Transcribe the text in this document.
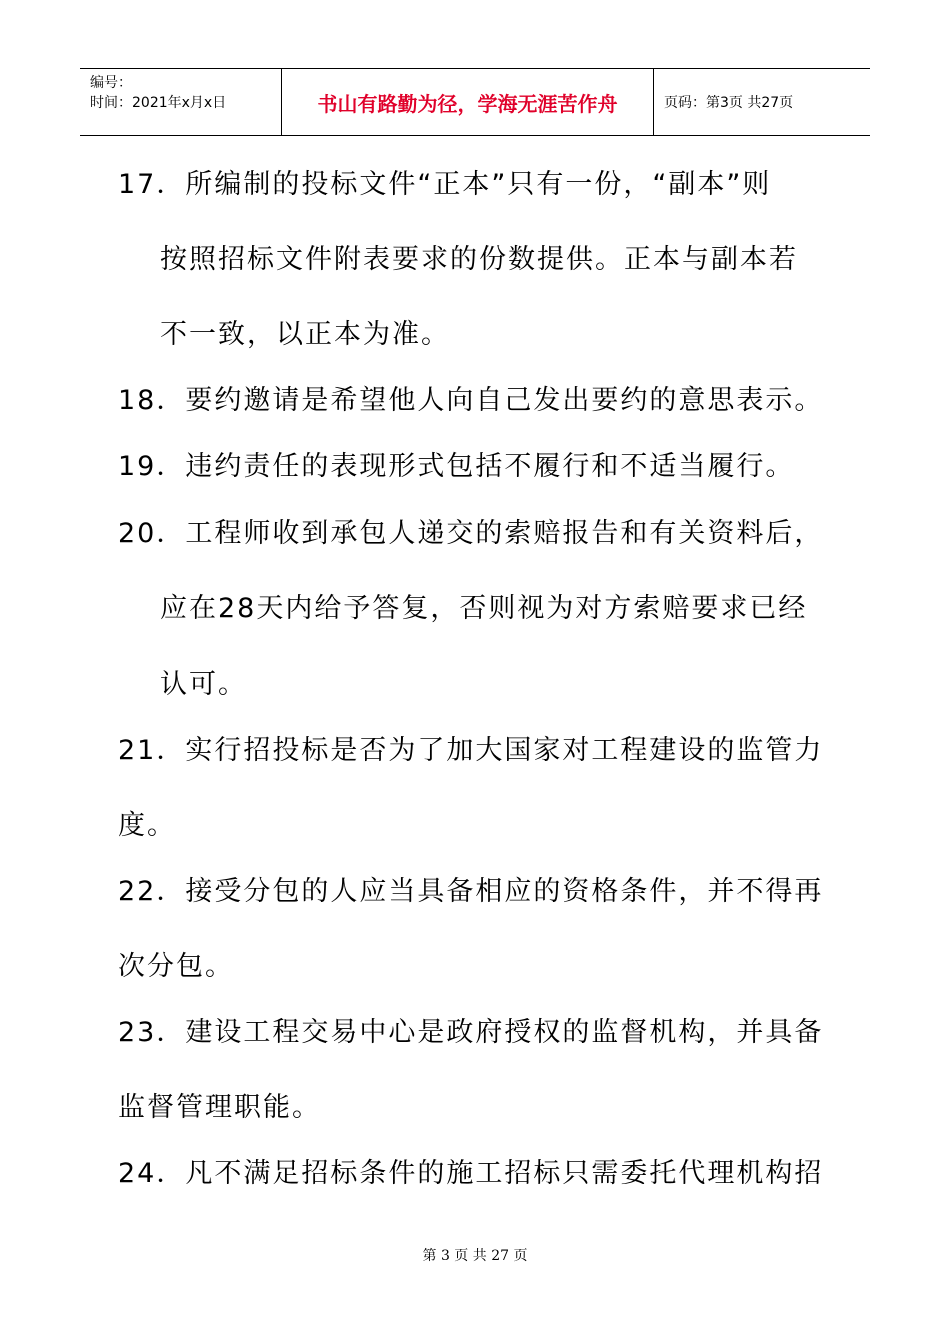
编号：
时间：2021年x月x日	书山有路勤为径，学海无涯苦作舟	页码：第3页 共27页
17．所编制的投标文件“正本”只有一份，“副本”则
按照招标文件附表要求的份数提供。正本与副本若
不一致，以正本为准。
18．要约邀请是希望他人向自己发出要约的意思表示。
19．违约责任的表现形式包括不履行和不适当履行。
20．工程师收到承包人递交的索赔报告和有关资料后，
应在28天内给予答复，否则视为对方索赔要求已经
认可。
21．实行招投标是否为了加大国家对工程建设的监管力
度。
22．接受分包的人应当具备相应的资格条件，并不得再
次分包。
23．建设工程交易中心是政府授权的监督机构，并具备
监督管理职能。
24．凡不满足招标条件的施工招标只需委托代理机构招
第 3 页 共 27 页
